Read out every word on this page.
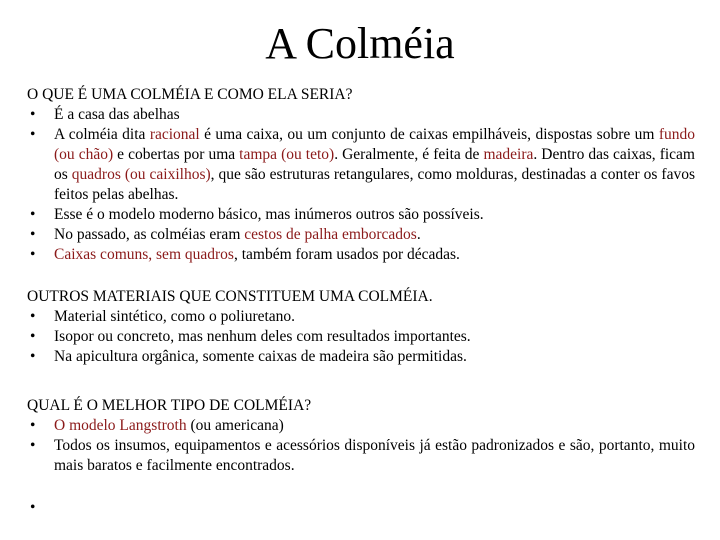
A Colméia

O QUE É UMA COLMÉIA E COMO ELA SERIA?

• É a casa das abelhas
• A colméia dita racional é uma caixa, ou um conjunto de caixas empilháveis, dispostas sobre um fundo (ou chão) e cobertas por uma tampa (ou teto). Geralmente, é feita de madeira. Dentro das caixas, ficam os quadros (ou caixilhos), que são estruturas retangulares, como molduras, destinadas a conter os favos feitos pelas abelhas.
• Esse é o modelo moderno básico, mas inúmeros outros são possíveis.
• No passado, as colméias eram cestos de palha emborcados.
• Caixas comuns, sem quadros, também foram usados por décadas.

OUTROS MATERIAIS QUE CONSTITUEM UMA COLMÉIA.

• Material sintético, como o poliuretano.
• Isopor ou concreto, mas nenhum deles com resultados importantes.
• Na apicultura orgânica, somente caixas de madeira são permitidas.

QUAL É O MELHOR TIPO DE COLMÉIA?

• O modelo Langstroth (ou americana)
• Todos os insumos, equipamentos e acessórios disponíveis já estão padronizados e são, portanto, muito mais baratos e facilmente encontrados.
•
